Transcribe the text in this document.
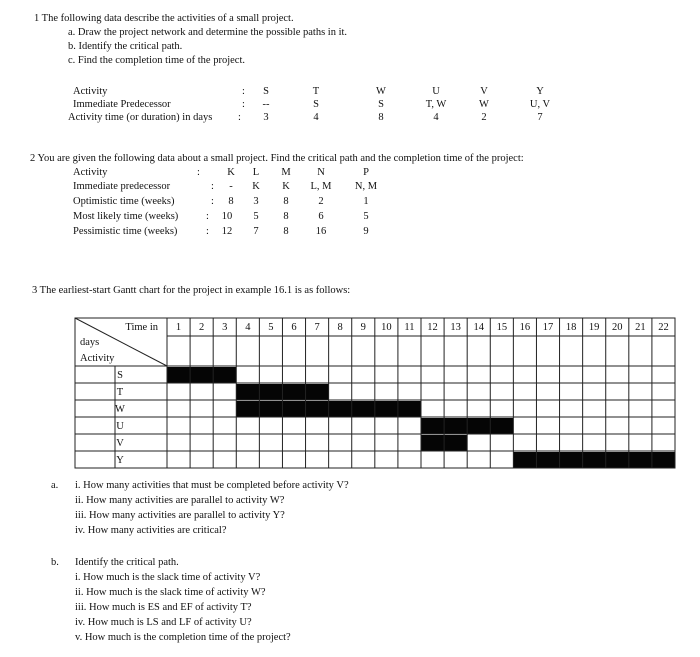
1 The following data describe the activities of a small project.
a. Draw the project network and determine the possible paths in it.
b. Identify the critical path.
c. Find the completion time of the project.
Activity
Immediate Predecessor
Activity time (or duration) in days
:
:
:
S
--
3
T
S
4
W
S
8
U
T, W
4
V
W
2
Y
U, V
7
2 You are given the following data about a small project. Find the critical path and the completion time of the project:
Activity
Immediate predecessor
Optimistic time (weeks)
Most likely time (weeks)
Pessimistic time (weeks)
:
:
:
:
:
K
-
8
10
12
L
K
3
5
7
M
K
8
8
8
N
L, M
2
6
16
P
N, M
1
5
9
3 The earliest-start Gantt chart for the project in example 16.1 is as follows:
Time in
days
Activity
1 2 3 4 5 6 7 8 9 10 11 12 13 14 15 16 17 18 19 20 21 22
S
T
W
U
V
Y
a. i. How many activities that must be completed before activity V?
ii. How many activities are parallel to activity W?
iii. How many activities are parallel to activity Y?
iv. How many activities are critical?
b. Identify the critical path.
i. How much is the slack time of activity V?
ii. How much is the slack time of activity W?
iii. How much is ES and EF of activity T?
iv. How much is LS and LF of activity U?
v. How much is the completion time of the project?
